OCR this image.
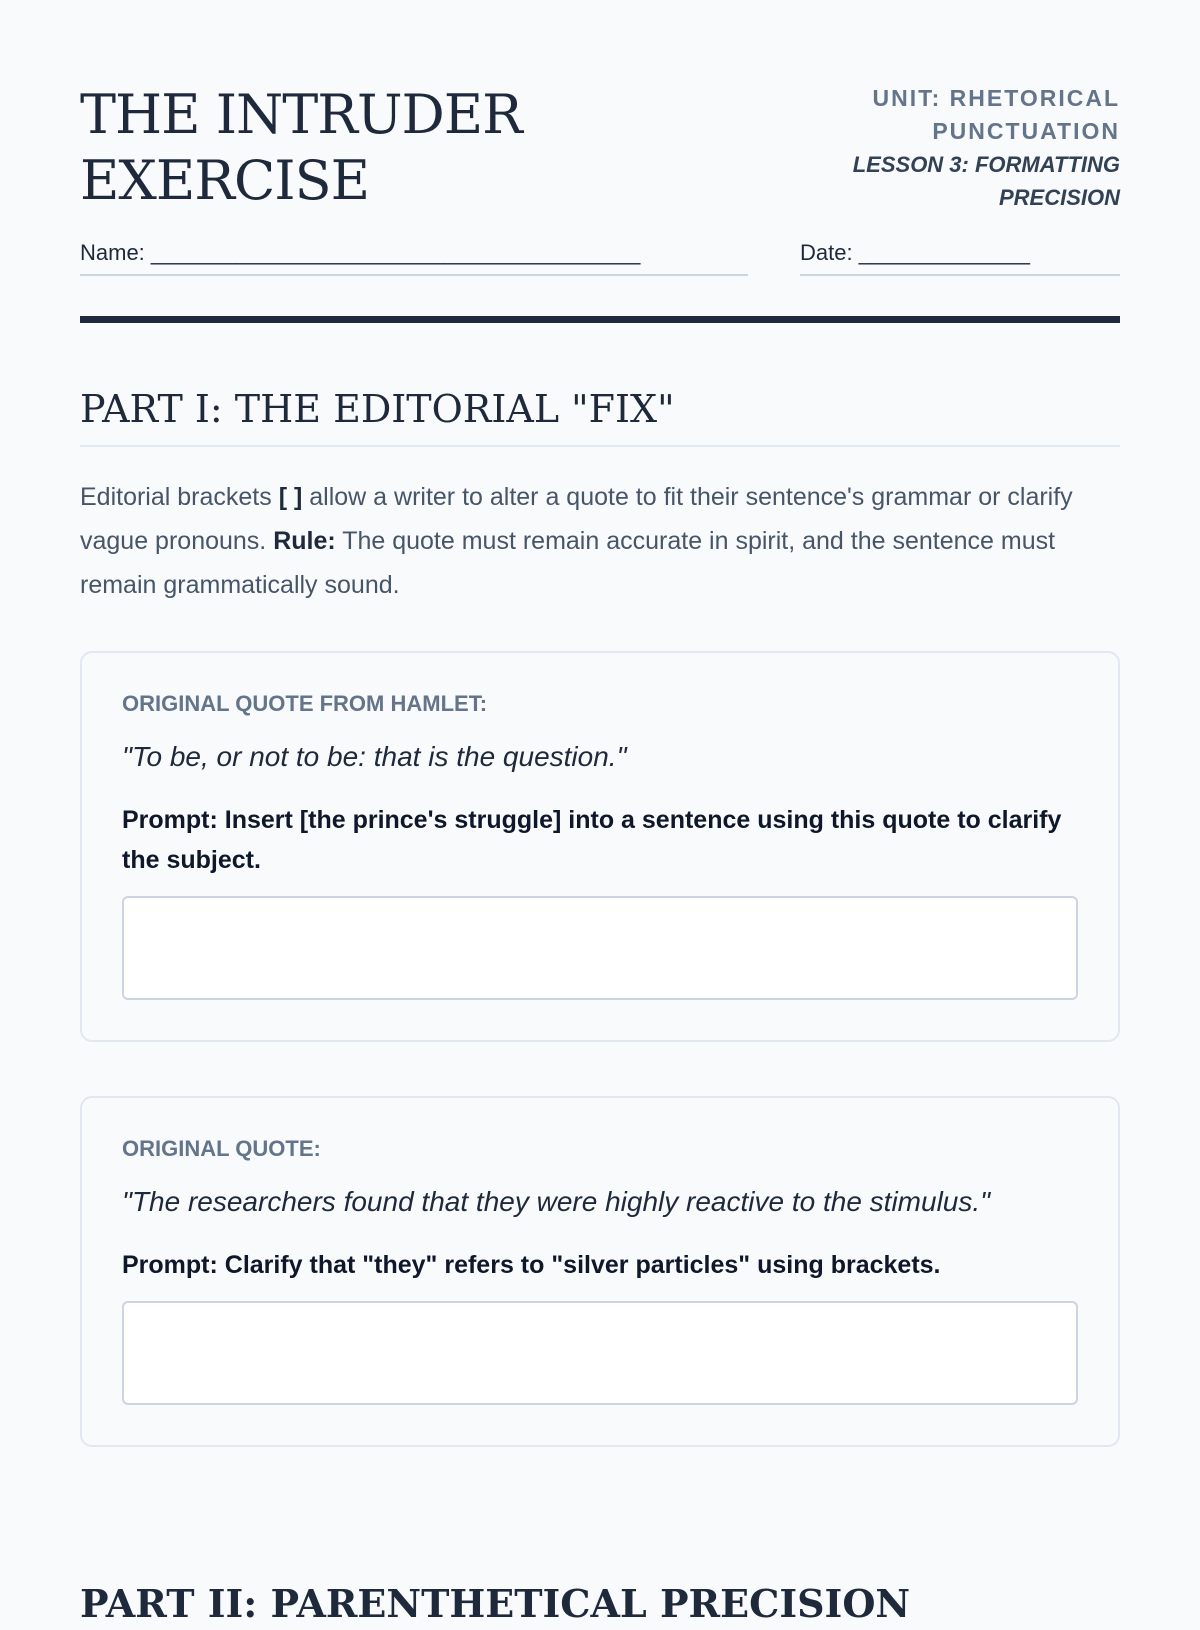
THE INTRUDER EXERCISE
UNIT: RHETORICAL PUNCTUATION
LESSON 3: FORMATTING PRECISION
Name: ________________________________________	Date: ______________
PART I: THE EDITORIAL "FIX"

Editorial brackets [ ] allow a writer to alter a quote to fit their sentence's grammar or clarify vague pronouns. Rule: The quote must remain accurate in spirit, and the sentence must remain grammatically sound.

ORIGINAL QUOTE FROM HAMLET:
"To be, or not to be: that is the question."
Prompt: Insert [the prince's struggle] into a sentence using this quote to clarify the subject.
ORIGINAL QUOTE:
"The researchers found that they were highly reactive to the stimulus."
Prompt: Clarify that "they" refers to "silver particles" using brackets.
PART II: PARENTHETICAL PRECISION
